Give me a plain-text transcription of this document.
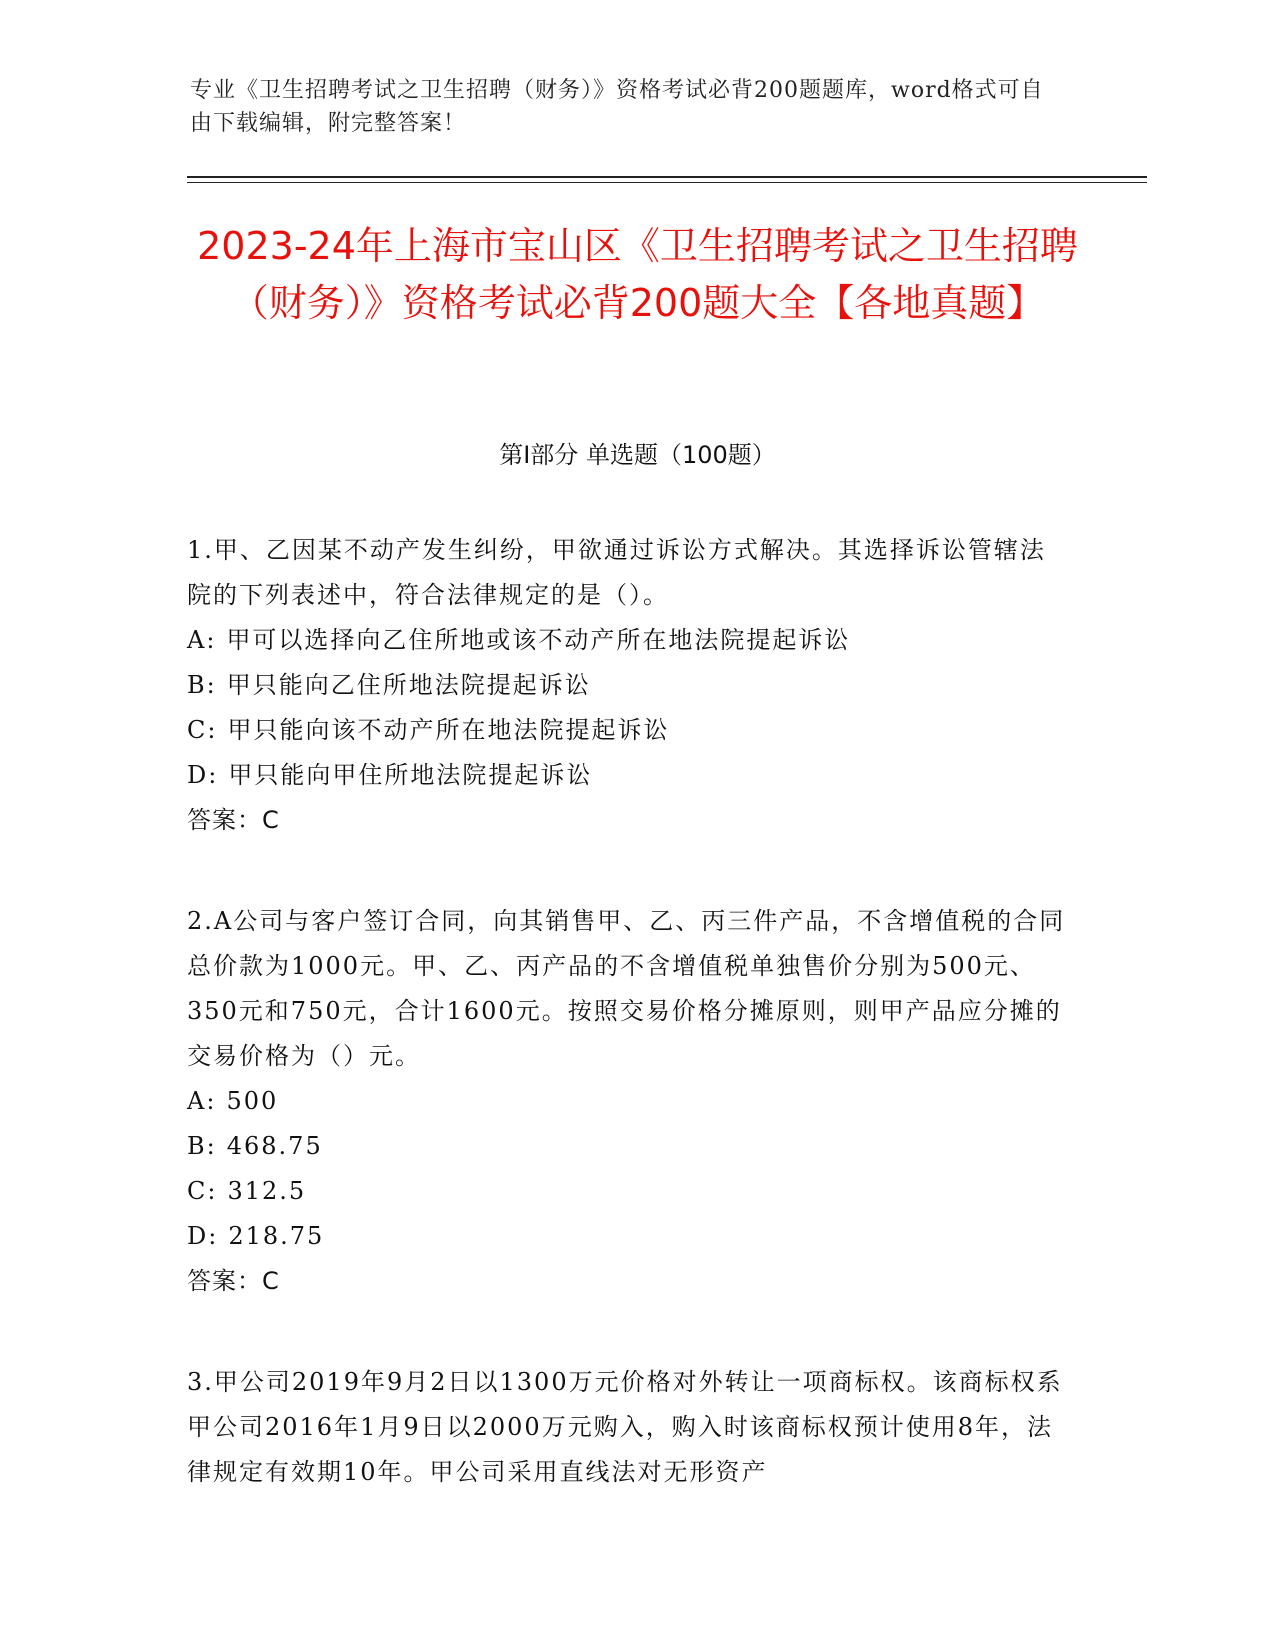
专业《卫生招聘考试之卫生招聘（财务）》资格考试必背200题题库，word格式可自由下载编辑，附完整答案！
2023-24年上海市宝山区《卫生招聘考试之卫生招聘（财务）》资格考试必背200题大全【各地真题】
第Ⅰ部分 单选题（100题）
1.甲、乙因某不动产发生纠纷，甲欲通过诉讼方式解决。其选择诉讼管辖法院的下列表述中，符合法律规定的是（）。
A: 甲可以选择向乙住所地或该不动产所在地法院提起诉讼
B: 甲只能向乙住所地法院提起诉讼
C: 甲只能向该不动产所在地法院提起诉讼
D: 甲只能向甲住所地法院提起诉讼
答案：C
2.A公司与客户签订合同，向其销售甲、乙、丙三件产品，不含增值税的合同总价款为1000元。甲、乙、丙产品的不含增值税单独售价分别为500元、350元和750元，合计1600元。按照交易价格分摊原则，则甲产品应分摊的交易价格为（）元。
A: 500
B: 468.75
C: 312.5
D: 218.75
答案：C
3.甲公司2019年9月2日以1300万元价格对外转让一项商标权。该商标权系甲公司2016年1月9日以2000万元购入，购入时该商标权预计使用8年，法律规定有效期10年。甲公司采用直线法对无形资产
